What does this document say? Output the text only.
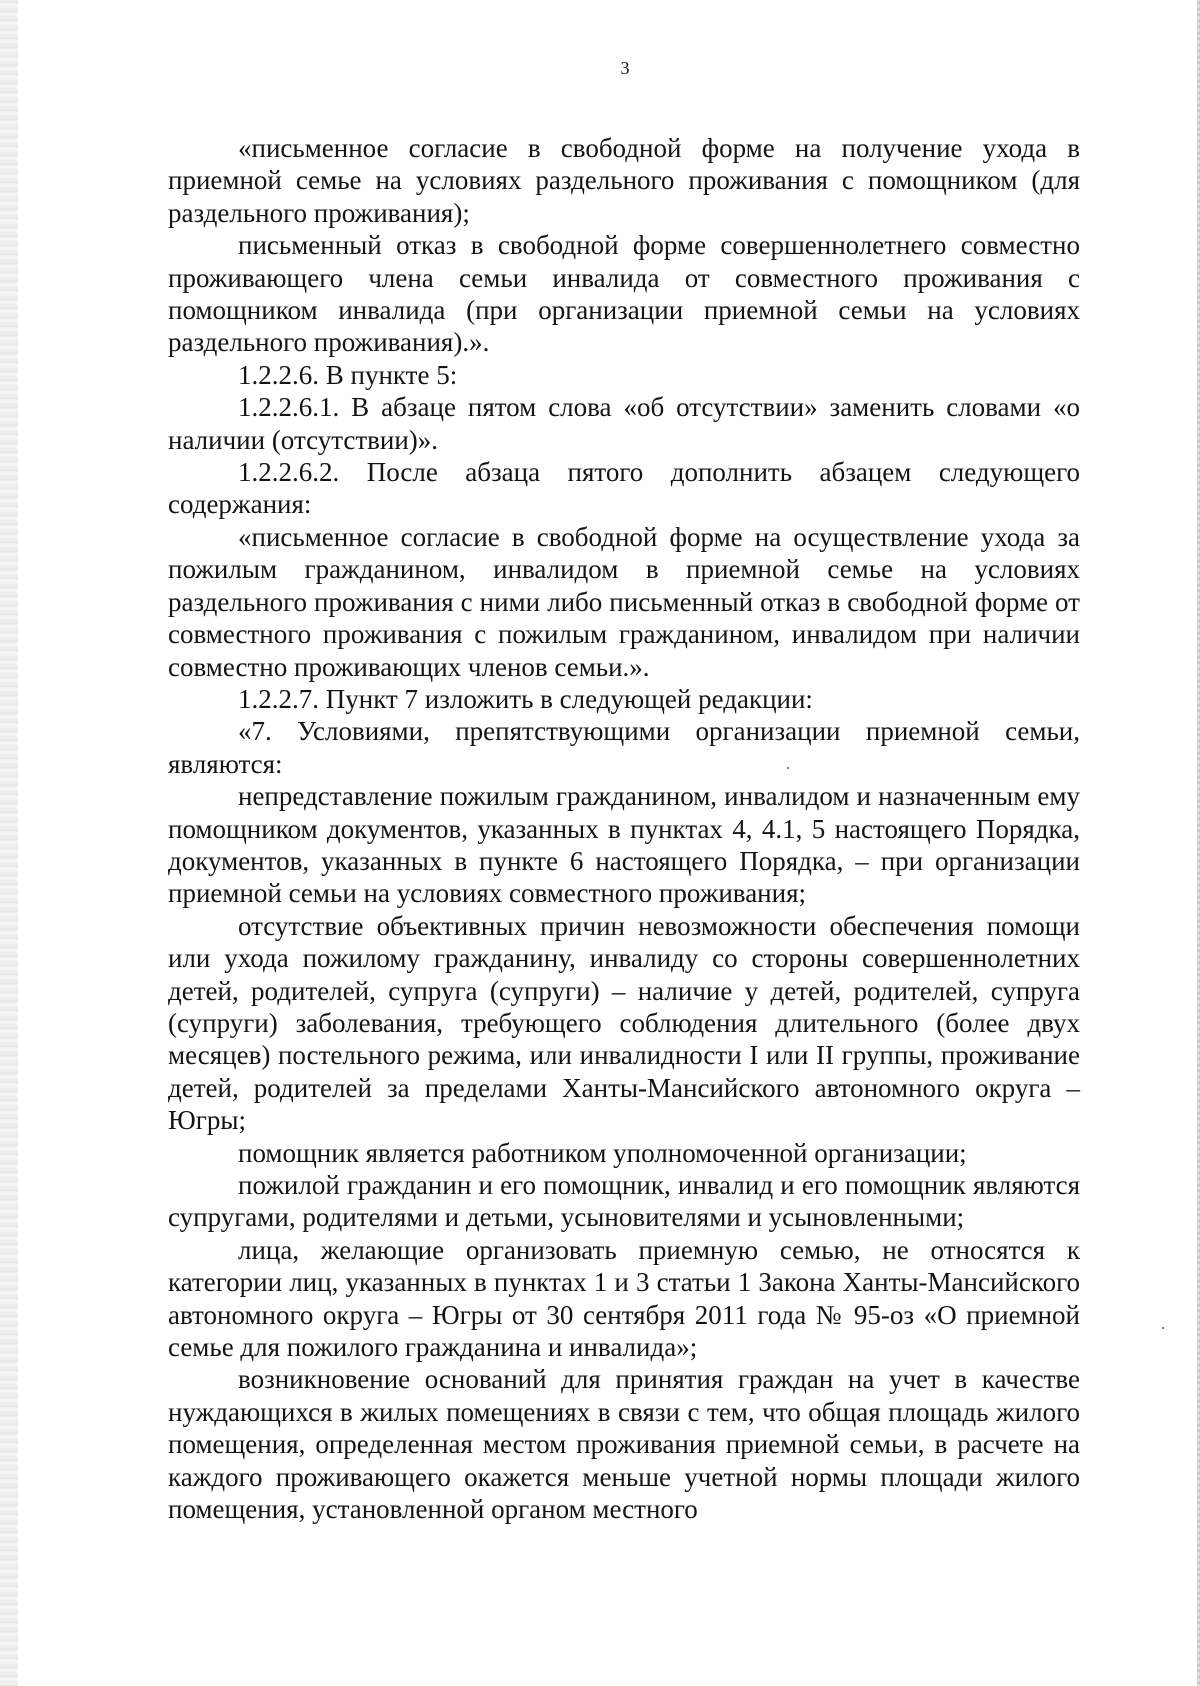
3

«письменное согласие в свободной форме на получение ухода в приемной семье на условиях раздельного проживания с помощником (для раздельного проживания);

письменный отказ в свободной форме совершеннолетнего совместно проживающего члена семьи инвалида от совместного проживания с помощником инвалида (при организации приемной семьи на условиях раздельного проживания).».

1.2.2.6. В пункте 5:

1.2.2.6.1. В абзаце пятом слова «об отсутствии» заменить словами «о наличии (отсутствии)».

1.2.2.6.2. После абзаца пятого дополнить абзацем следующего содержания:

«письменное согласие в свободной форме на осуществление ухода за пожилым гражданином, инвалидом в приемной семье на условиях раздельного проживания с ними либо письменный отказ в свободной форме от совместного проживания с пожилым гражданином, инвалидом при наличии совместно проживающих членов семьи.».

1.2.2.7. Пункт 7 изложить в следующей редакции:

«7. Условиями, препятствующими организации приемной семьи, являются:

непредставление пожилым гражданином, инвалидом и назначенным ему помощником документов, указанных в пунктах 4, 4.1, 5 настоящего Порядка, документов, указанных в пункте 6 настоящего Порядка, – при организации приемной семьи на условиях совместного проживания;

отсутствие объективных причин невозможности обеспечения помощи или ухода пожилому гражданину, инвалиду со стороны совершеннолетних детей, родителей, супруга (супруги) – наличие у детей, родителей, супруга (супруги) заболевания, требующего соблюдения длительного (более двух месяцев) постельного режима, или инвалидности I или II группы, проживание детей, родителей за пределами Ханты-Мансийского автономного округа – Югры;

помощник является работником уполномоченной организации;

пожилой гражданин и его помощник, инвалид и его помощник являются супругами, родителями и детьми, усыновителями и усыновленными;

лица, желающие организовать приемную семью, не относятся к категории лиц, указанных в пунктах 1 и 3 статьи 1 Закона Ханты-Мансийского автономного округа – Югры от 30 сентября 2011 года № 95-оз «О приемной семье для пожилого гражданина и инвалида»;

возникновение оснований для принятия граждан на учет в качестве нуждающихся в жилых помещениях в связи с тем, что общая площадь жилого помещения, определенная местом проживания приемной семьи, в расчете на каждого проживающего окажется меньше учетной нормы площади жилого помещения, установленной органом местного
